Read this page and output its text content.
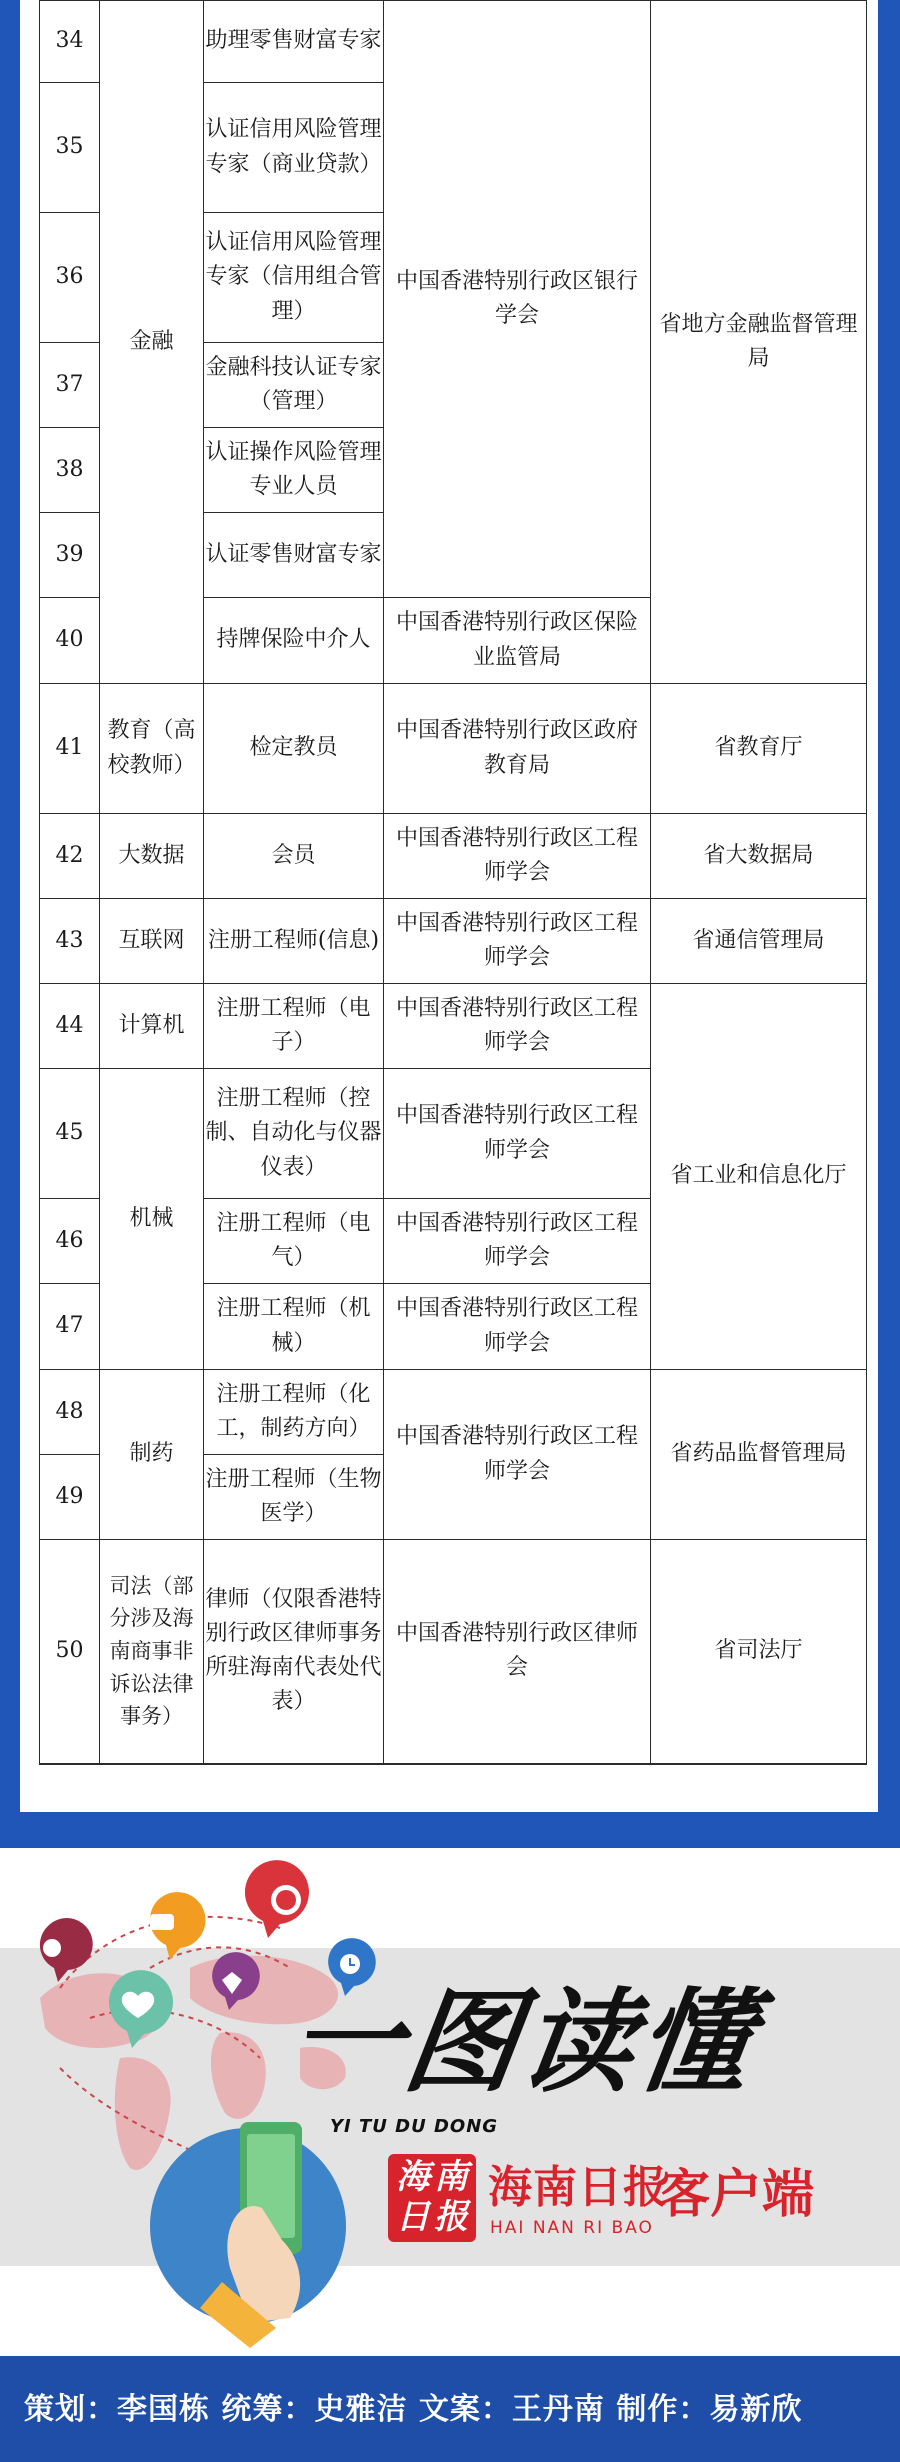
34	金融	助理零售财富专家	中国香港特别行政区银行学会	省地方金融监督管理局
35		认证信用风险管理专家（商业贷款）		
36		认证信用风险管理专家（信用组合管理）		
37		金融科技认证专家（管理）		
38		认证操作风险管理专业人员		
39		认证零售财富专家		
40		持牌保险中介人	中国香港特别行政区保险业监管局	
41	教育（高校教师）	检定教员	中国香港特别行政区政府教育局	省教育厅
42	大数据	会员	中国香港特别行政区工程师学会	省大数据局
43	互联网	注册工程师(信息)	中国香港特别行政区工程师学会	省通信管理局
44	计算机	注册工程师（电子）	中国香港特别行政区工程师学会	省工业和信息化厅
45	机械	注册工程师（控制、自动化与仪器仪表）	中国香港特别行政区工程师学会	
46		注册工程师（电气）	中国香港特别行政区工程师学会	
47		注册工程师（机械）	中国香港特别行政区工程师学会	
48	制药	注册工程师（化工，制药方向）	中国香港特别行政区工程师学会	省药品监督管理局
49		注册工程师（生物医学）		
50	司法（部分涉及海南商事非诉讼法律事务）	律师（仅限香港特别行政区律师事务所驻海南代表处代表）	中国香港特别行政区律师会	省司法厅
一图读懂
YI TU DU DONG
海 南
日 报
海南日报
HAI NAN RI BAO
客户端
策划：李国栋 统筹：史雅洁 文案：王丹南 制作：易新欣
